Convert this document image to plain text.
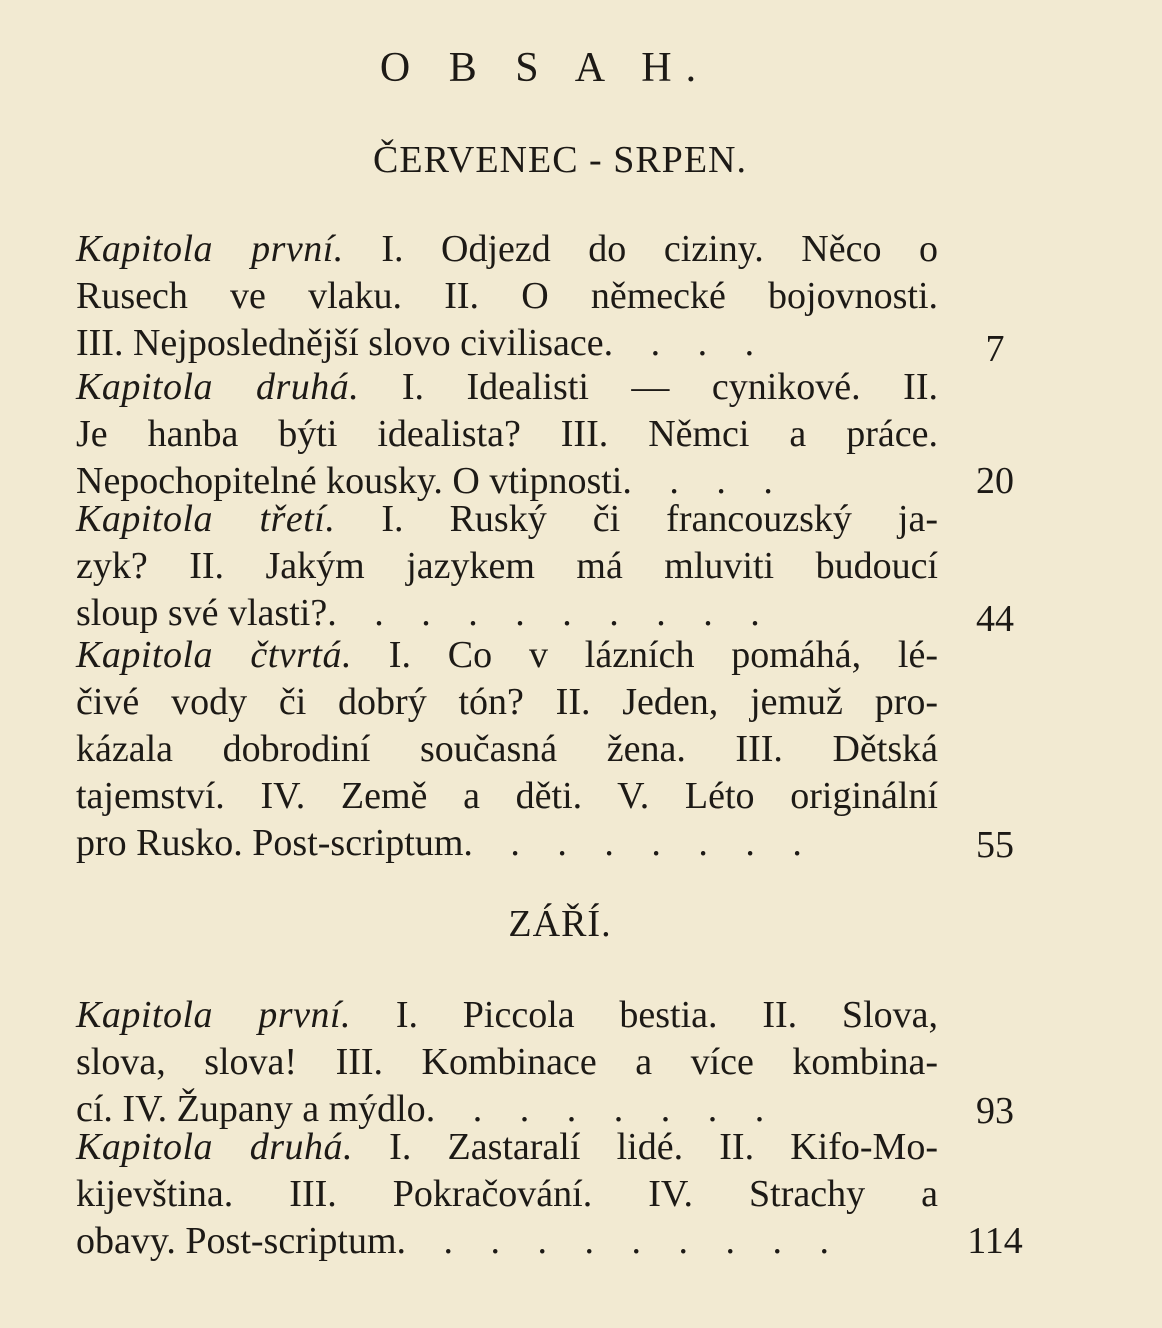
O B S A H.
ČERVENEC - SRPEN.
Kapitola první. I. Odjezd do ciziny. Něco o
Rusech ve vlaku. II. O německé bojovnosti.
III. Nejposlednější slovo civilisace. . . .	7
Kapitola druhá. I. Idealisti — cynikové. II.
Je hanba býti idealista? III. Němci a práce.
Nepochopitelné kousky. O vtipnosti. . . .	20
Kapitola třetí. I. Ruský či francouzský ja-
zyk? II. Jakým jazykem má mluviti budoucí
sloup své vlasti?. . . . . . . . . .	44
Kapitola čtvrtá. I. Co v lázních pomáhá, lé-
čivé vody či dobrý tón? II. Jeden, jemuž pro-
kázala dobrodiní současná žena. III. Dětská
tajemství. IV. Země a děti. V. Léto originální
pro Rusko. Post-scriptum. . . . . . . .	55
ZÁŘÍ.
Kapitola první. I. Piccola bestia. II. Slova,
slova, slova! III. Kombinace a více kombina-
cí. IV. Župany a mýdlo. . . . . . . .	93
Kapitola druhá. I. Zastaralí lidé. II. Kifo-Mo-
kijevština. III. Pokračování. IV. Strachy a
obavy. Post-scriptum. . . . . . . . . .	114
